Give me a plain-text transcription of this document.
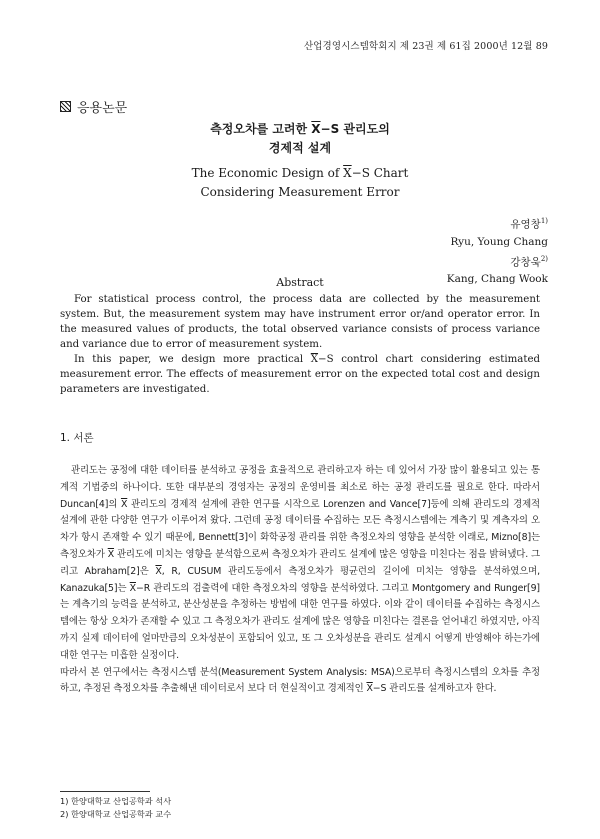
산업경영시스템학회지 제 23권 제 61집 2000년 12월 89
응용논문
측정오차를 고려한 $\overline{X}-S$ 관리도의
경제적 설계
The Economic Design of $\overline{X}-S$ Chart
Considering Measurement Error
유영창$^{1)}$
Ryu, Young Chang
강창욱$^{2)}$
Kang, Chang Wook
Abstract

For statistical process control, the process data are collected by the measurement system. But, the measurement system may have instrument error or/and operator error. In the measured values of products, the total observed variance consists of process variance and variance due to error of measurement system.

In this paper, we design more practical $\overline{X}-S$ control chart considering estimated measurement error. The effects of measurement error on the expected total cost and design parameters are investigated.

1. 서론

관리도는 공정에 대한 데이터를 분석하고 공정을 효율적으로 관리하고자 하는 데 있어서 가장 많이 활용되고 있는 통계적 기법중의 하나이다. 또한 대부분의 경영자는 공정의 운영비를 최소로 하는 공정 관리도를 필요로 한다. 따라서 Duncan[4]의 $\overline{X}$ 관리도의 경제적 설계에 관한 연구를 시작으로 Lorenzen and Vance[7]등에 의해 관리도의 경제적 설계에 관한 다양한 연구가 이루어져 왔다. 그런데 공정 데이터를 수집하는 모든 측정시스템에는 계측기 및 계측자의 오차가 항시 존재할 수 있기 때문에, Bennett[3]이 화학공정 관리를 위한 측정오차의 영향을 분석한 이래로, Mizno[8]는 측정오차가 $\overline{X}$ 관리도에 미치는 영향을 분석함으로써 측정오차가 관리도 설계에 많은 영향을 미친다는 점을 밝혀냈다. 그리고 Abraham[2]은 $\overline{X}$, R, CUSUM 관리도등에서 측정오차가 평균런의 길이에 미치는 영향을 분석하였으며, Kanazuka[5]는 $\overline{X}-R$ 관리도의 검출력에 대한 측정오차의 영향을 분석하였다. 그리고 Montgomery and Runger[9]는 계측기의 능력을 분석하고, 분산성분을 추정하는 방법에 대한 연구를 하였다. 이와 같이 데이터를 수집하는 측정시스템에는 항상 오차가 존재할 수 있고 그 측정오차가 관리도 설계에 많은 영향을 미친다는 결론을 얻어내긴 하였지만, 아직까지 실제 데이터에 얼마만큼의 오차성분이 포함되어 있고, 또 그 오차성분을 관리도 설계시 어떻게 반영해야 하는가에 대한 연구는 미흡한 실정이다.

따라서 본 연구에서는 측정시스템 분석(Measurement System Analysis: MSA)으로부터 측정시스템의 오차를 추정하고, 추정된 측정오차를 추출해낸 데이터로서 보다 더 현실적이고 경제적인 $\overline{X}-S$ 관리도를 설계하고자 한다.

1) 한양대학교 산업공학과 석사
2) 한양대학교 산업공학과 교수
